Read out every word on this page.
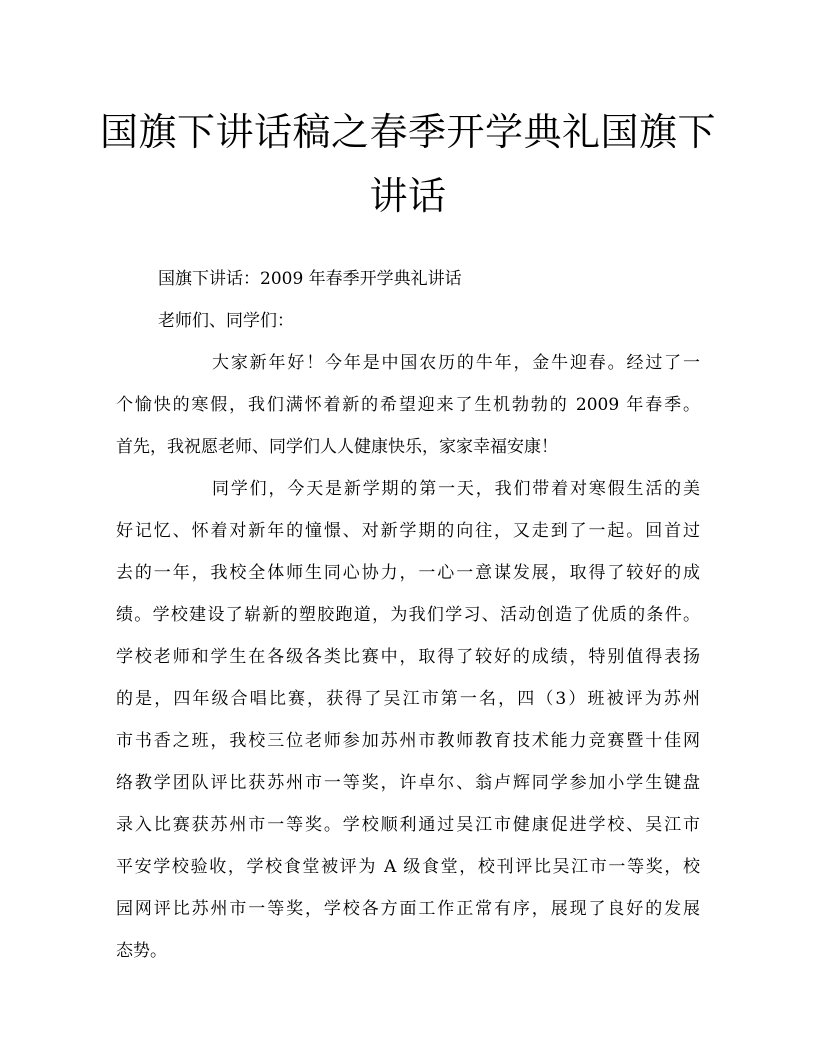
国旗下讲话稿之春季开学典礼国旗下
讲话

国旗下讲话：2009 年春季开学典礼讲话

老师们、同学们：

大家新年好！今年是中国农历的牛年，金牛迎春。经过了一

个愉快的寒假，我们满怀着新的希望迎来了生机勃勃的 2009 年春季。

首先，我祝愿老师、同学们人人健康快乐，家家幸福安康！

同学们，今天是新学期的第一天，我们带着对寒假生活的美

好记忆、怀着对新年的憧憬、对新学期的向往，又走到了一起。回首过

去的一年，我校全体师生同心协力，一心一意谋发展，取得了较好的成

绩。学校建设了崭新的塑胶跑道，为我们学习、活动创造了优质的条件。

学校老师和学生在各级各类比赛中，取得了较好的成绩，特别值得表扬

的是，四年级合唱比赛，获得了吴江市第一名，四（3）班被评为苏州

市书香之班，我校三位老师参加苏州市教师教育技术能力竞赛暨十佳网

络教学团队评比获苏州市一等奖，许卓尔、翁卢辉同学参加小学生键盘

录入比赛获苏州市一等奖。学校顺利通过吴江市健康促进学校、吴江市

平安学校验收，学校食堂被评为 A 级食堂，校刊评比吴江市一等奖，校

园网评比苏州市一等奖，学校各方面工作正常有序，展现了良好的发展

态势。
